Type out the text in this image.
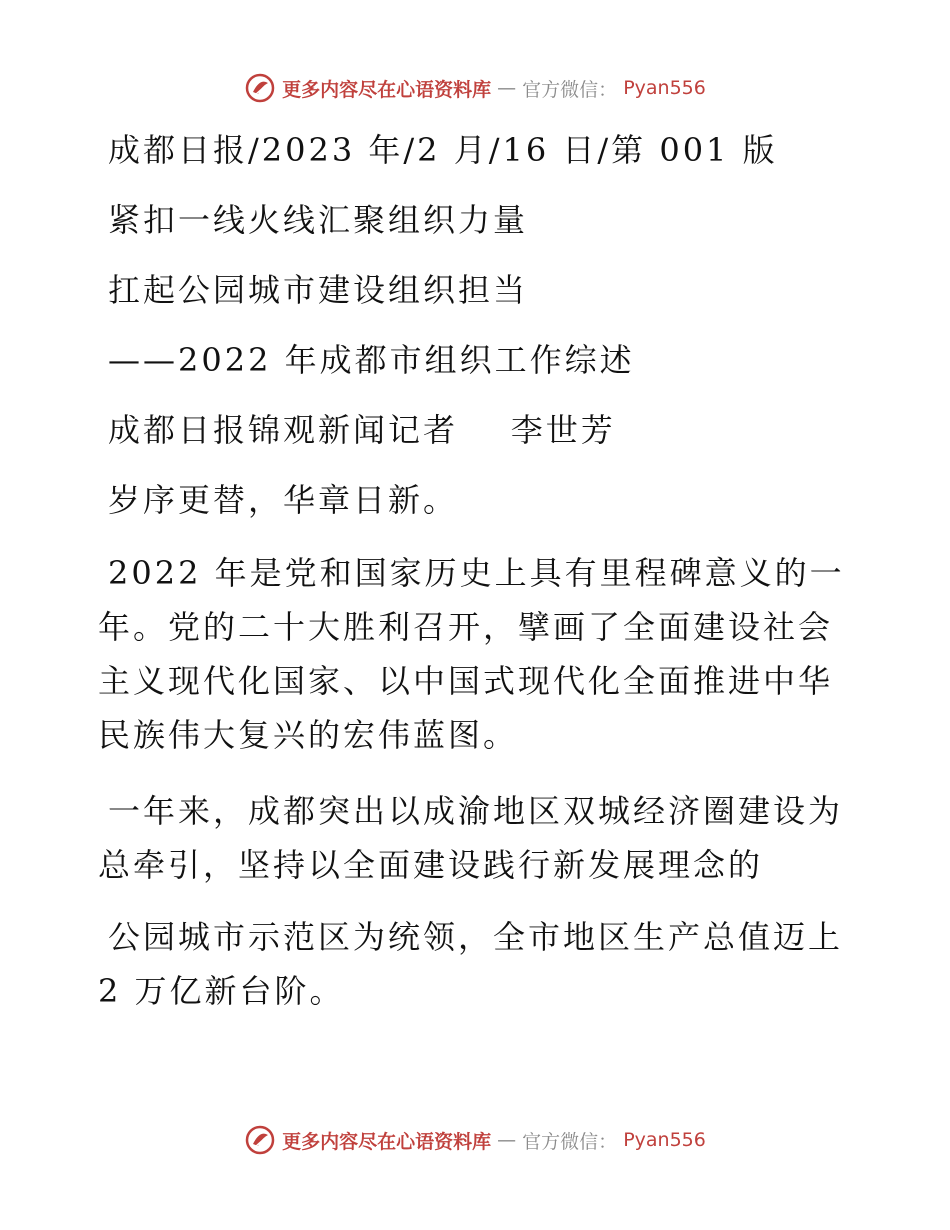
更多内容尽在心语资料库 — 官方微信： Pyan556

成都日报/2023 年/2 月/16 日/第 001 版

紧扣一线火线汇聚组织力量

扛起公园城市建设组织担当

——2022 年成都市组织工作综述

成都日报锦观新闻记者    李世芳

岁序更替，华章日新。

2022 年是党和国家历史上具有里程碑意义的一年。党的二十大胜利召开，擘画了全面建设社会主义现代化国家、以中国式现代化全面推进中华民族伟大复兴的宏伟蓝图。

一年来，成都突出以成渝地区双城经济圈建设为总牵引，坚持以全面建设践行新发展理念的

公园城市示范区为统领，全市地区生产总值迈上2 万亿新台阶。

更多内容尽在心语资料库 — 官方微信： Pyan556
